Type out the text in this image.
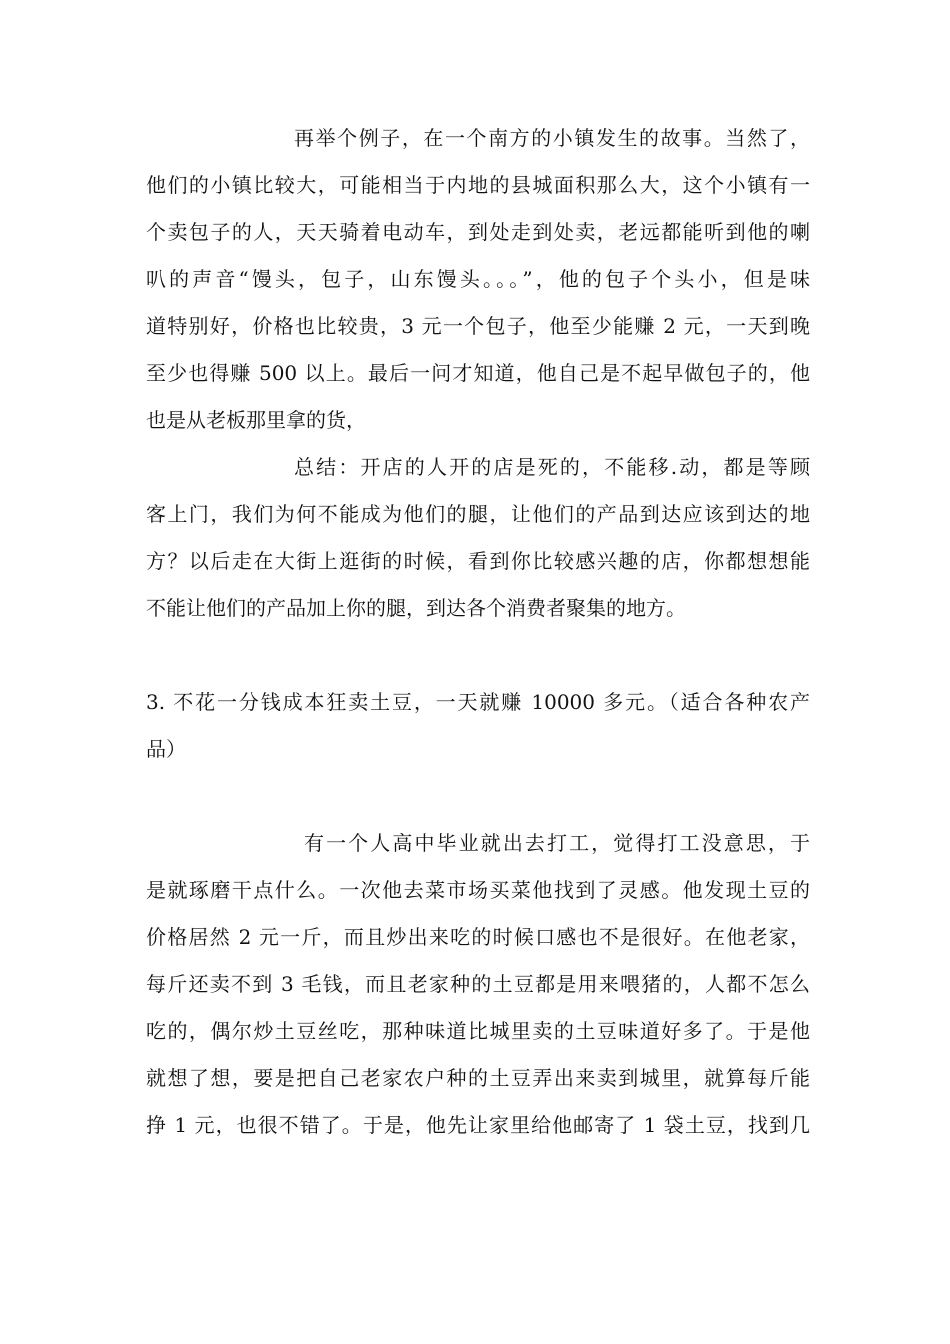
再举个例子，在一个南方的小镇发生的故事。当然了，
他们的小镇比较大，可能相当于内地的县城面积那么大，这个小镇有一
个卖包子的人，天天骑着电动车，到处走到处卖，老远都能听到他的喇
叭的声音“馒头，包子，山东馒头。。。”，他的包子个头小，但是味
道特别好，价格也比较贵，3 元一个包子，他至少能赚 2 元，一天到晚
至少也得赚 500 以上。最后一问才知道，他自己是不起早做包子的，他
也是从老板那里拿的货，
总结：开店的人开的店是死的，不能移.动，都是等顾
客上门，我们为何不能成为他们的腿，让他们的产品到达应该到达的地
方？以后走在大街上逛街的时候，看到你比较感兴趣的店，你都想想能
不能让他们的产品加上你的腿，到达各个消费者聚集的地方。
3. 不花一分钱成本狂卖土豆，一天就赚 10000 多元。（适合各种农产
品）
有一个人高中毕业就出去打工，觉得打工没意思，于
是就琢磨干点什么。一次他去菜市场买菜他找到了灵感。他发现土豆的
价格居然 2 元一斤，而且炒出来吃的时候口感也不是很好。在他老家，
每斤还卖不到 3 毛钱，而且老家种的土豆都是用来喂猪的，人都不怎么
吃的，偶尔炒土豆丝吃，那种味道比城里卖的土豆味道好多了。于是他
就想了想，要是把自己老家农户种的土豆弄出来卖到城里，就算每斤能
挣 1 元，也很不错了。于是，他先让家里给他邮寄了 1 袋土豆，找到几
